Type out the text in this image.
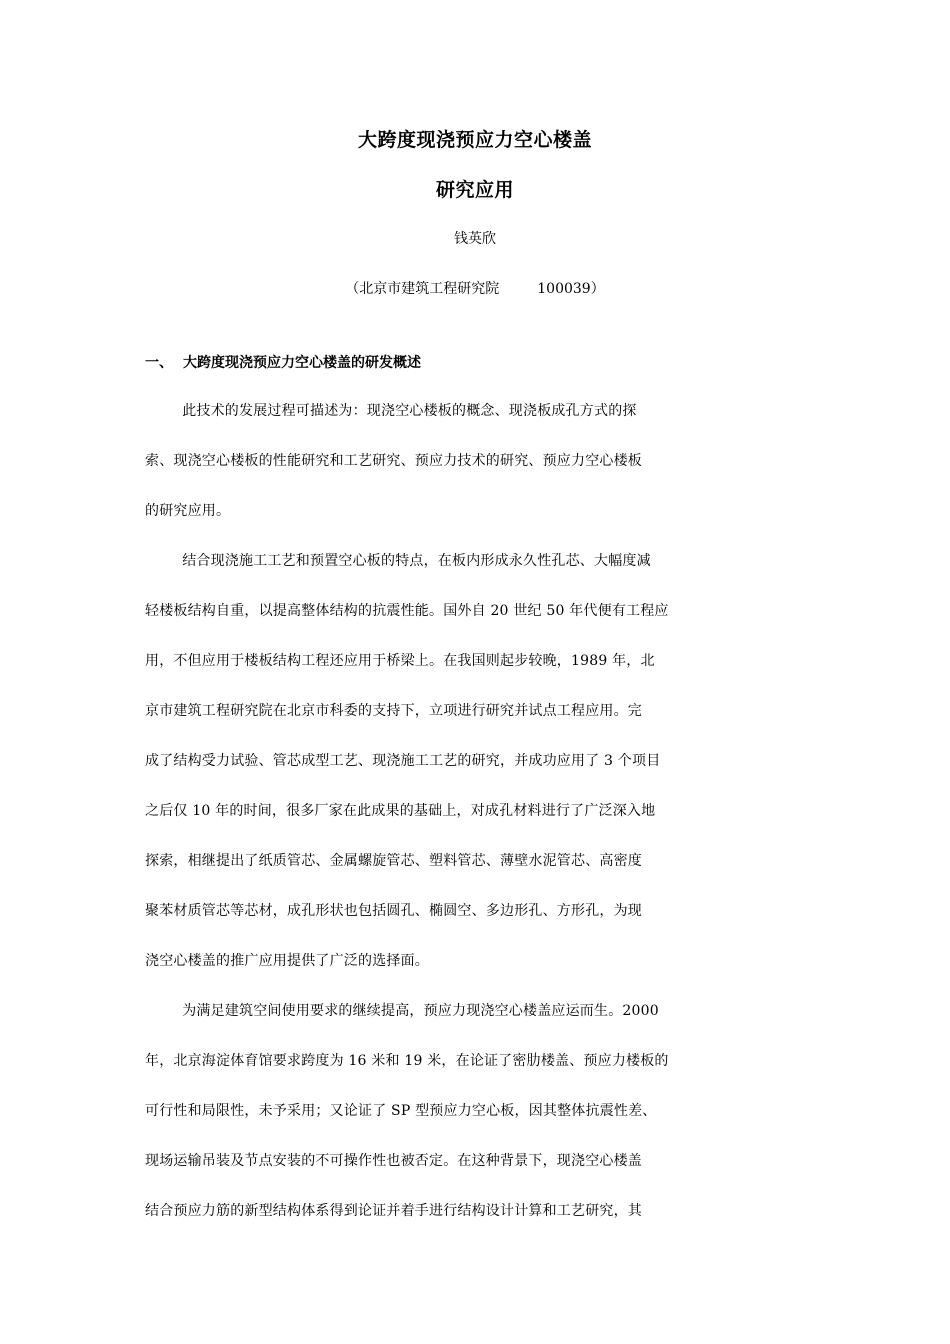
大跨度现浇预应力空心楼盖
研究应用
钱英欣
（北京市建筑工程研究院	100039）
一、 大跨度现浇预应力空心楼盖的研发概述
此技术的发展过程可描述为：现浇空心楼板的概念、现浇板成孔方式的探
索、现浇空心楼板的性能研究和工艺研究、预应力技术的研究、预应力空心楼板
的研究应用。
结合现浇施工工艺和预置空心板的特点，在板内形成永久性孔芯、大幅度减
轻楼板结构自重，以提高整体结构的抗震性能。国外自 20 世纪 50 年代便有工程应
用，不但应用于楼板结构工程还应用于桥梁上。在我国则起步较晚，1989 年，北
京市建筑工程研究院在北京市科委的支持下，立项进行研究并试点工程应用。完
成了结构受力试验、管芯成型工艺、现浇施工工艺的研究，并成功应用了 3 个项目
之后仅 10 年的时间，很多厂家在此成果的基础上，对成孔材料进行了广泛深入地
探索，相继提出了纸质管芯、金属螺旋管芯、塑料管芯、薄壁水泥管芯、高密度
聚苯材质管芯等芯材，成孔形状也包括圆孔、椭圆空、多边形孔、方形孔，为现
浇空心楼盖的推广应用提供了广泛的选择面。
为满足建筑空间使用要求的继续提高，预应力现浇空心楼盖应运而生。2000
年，北京海淀体育馆要求跨度为 16 米和 19 米，在论证了密肋楼盖、预应力楼板的
可行性和局限性，未予采用；又论证了 SP 型预应力空心板，因其整体抗震性差、
现场运输吊装及节点安装的不可操作性也被否定。在这种背景下，现浇空心楼盖
结合预应力筋的新型结构体系得到论证并着手进行结构设计计算和工艺研究，其
